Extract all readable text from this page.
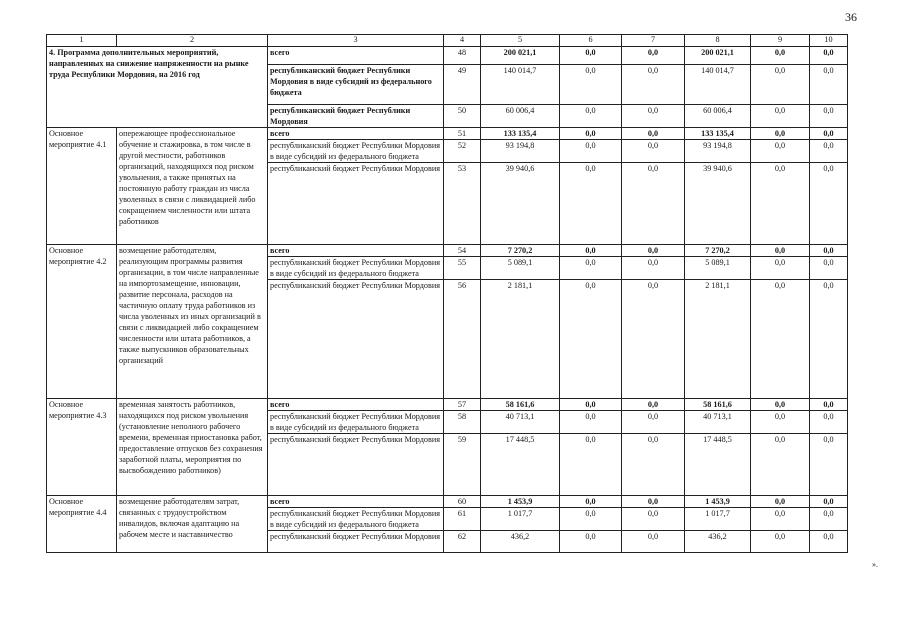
36
1	2	3	4	5	6	7	8	9	10
4. Программа дополнительных мероприятий, направленных на снижение напряженности на рынке труда Республики Мордовия, на 2016 год		всего	48	200 021,1	0,0	0,0	200 021,1	0,0	0,0
		республиканский бюджет Республики Мордовия в виде субсидий из федерального бюджета	49	140 014,7	0,0	0,0	140 014,7	0,0	0,0
		республиканский бюджет Республики Мордовия	50	60 006,4	0,0	0,0	60 006,4	0,0	0,0
Основное мероприятие 4.1	опережающее профессиональное обучение и стажировка, в том числе в другой местности, работников организаций, находящихся под риском увольнения, а также принятых на постоянную работу граждан из числа уволенных в связи с ликвидацией либо сокращением численности или штата работников	всего	51	133 135,4	0,0	0,0	133 135,4	0,0	0,0
		республиканский бюджет Республики Мордовия в виде субсидий из федерального бюджета	52	93 194,8	0,0	0,0	93 194,8	0,0	0,0
		республиканский бюджет Республики Мордовия	53	39 940,6	0,0	0,0	39 940,6	0,0	0,0
Основное мероприятие 4.2	возмещение работодателям, реализующим программы развития организации, в том числе направленные на импортозамещение, инновации, развитие персонала, расходов на частичную оплату труда работников из числа уволенных из иных организаций в связи с ликвидацией либо сокращением численности или штата работников, а также выпускников образовательных организаций	всего	54	7 270,2	0,0	0,0	7 270,2	0,0	0,0
		республиканский бюджет Республики Мордовия в виде субсидий из федерального бюджета	55	5 089,1	0,0	0,0	5 089,1	0,0	0,0
		республиканский бюджет Республики Мордовия	56	2 181,1	0,0	0,0	2 181,1	0,0	0,0
Основное мероприятие 4.3	временная занятость работников, находящихся под риском увольнения (установление неполного рабочего времени, временная приостановка работ, предоставление отпусков без сохранения заработной платы, мероприятия по высвобождению работников)	всего	57	58 161,6	0,0	0,0	58 161,6	0,0	0,0
		республиканский бюджет Республики Мордовия в виде субсидий из федерального бюджета	58	40 713,1	0,0	0,0	40 713,1	0,0	0,0
		республиканский бюджет Республики Мордовия	59	17 448,5	0,0	0,0	17 448,5	0,0	0,0
Основное мероприятие 4.4	возмещение работодателям затрат, связанных с трудоустройством инвалидов, включая адаптацию на рабочем месте и наставничество	всего	60	1 453,9	0,0	0,0	1 453,9	0,0	0,0
		республиканский бюджет Республики Мордовия в виде субсидий из федерального бюджета	61	1 017,7	0,0	0,0	1 017,7	0,0	0,0
		республиканский бюджет Республики Мордовия	62	436,2	0,0	0,0	436,2	0,0	0,0
».
